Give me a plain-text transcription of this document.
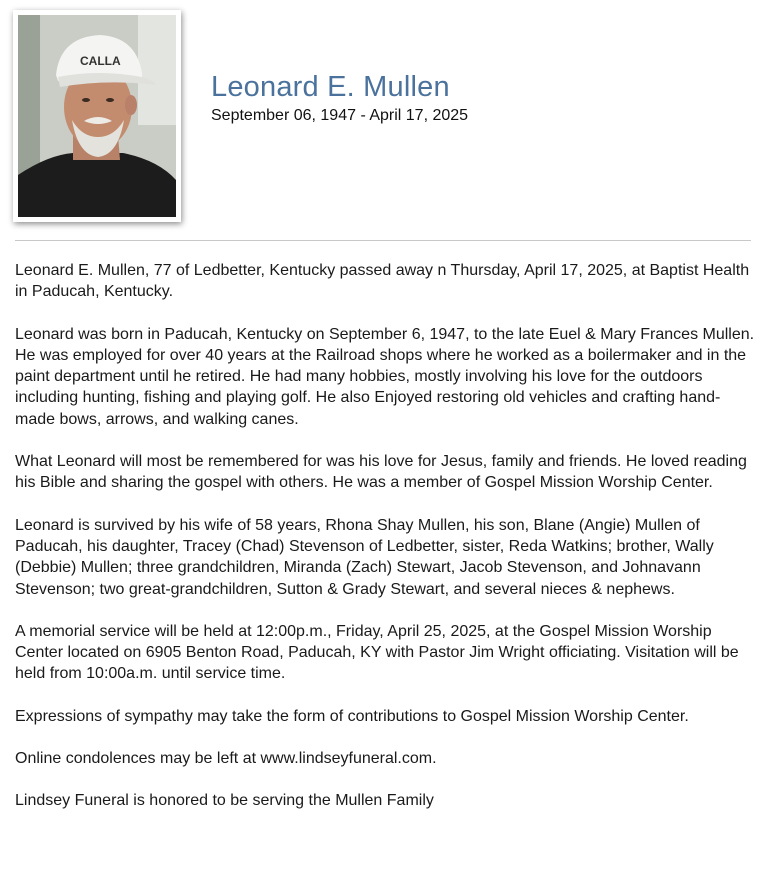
CALLA
Leonard E. Mullen
September 06, 1947 - April 17, 2025

Leonard E. Mullen, 77 of Ledbetter, Kentucky passed away n Thursday, April 17, 2025, at Baptist Health in Paducah, Kentucky.

Leonard was born in Paducah, Kentucky on September 6, 1947, to the late Euel & Mary Frances Mullen. He was employed for over 40 years at the Railroad shops where he worked as a boilermaker and in the paint department until he retired. He had many hobbies, mostly involving his love for the outdoors including hunting, fishing and playing golf. He also Enjoyed restoring old vehicles and crafting hand-made bows, arrows, and walking canes.

What Leonard will most be remembered for was his love for Jesus, family and friends. He loved reading his Bible and sharing the gospel with others. He was a member of Gospel Mission Worship Center.

Leonard is survived by his wife of 58 years, Rhona Shay Mullen, his son, Blane (Angie) Mullen of Paducah, his daughter, Tracey (Chad) Stevenson of Ledbetter, sister, Reda Watkins; brother, Wally (Debbie) Mullen; three grandchildren, Miranda (Zach) Stewart, Jacob Stevenson, and Johnavann Stevenson; two great-grandchildren, Sutton & Grady Stewart, and several nieces & nephews.

A memorial service will be held at 12:00p.m., Friday, April 25, 2025, at the Gospel Mission Worship Center located on 6905 Benton Road, Paducah, KY with Pastor Jim Wright officiating. Visitation will be held from 10:00a.m. until service time.

Expressions of sympathy may take the form of contributions to Gospel Mission Worship Center.

Online condolences may be left at www.lindseyfuneral.com.

Lindsey Funeral is honored to be serving the Mullen Family
